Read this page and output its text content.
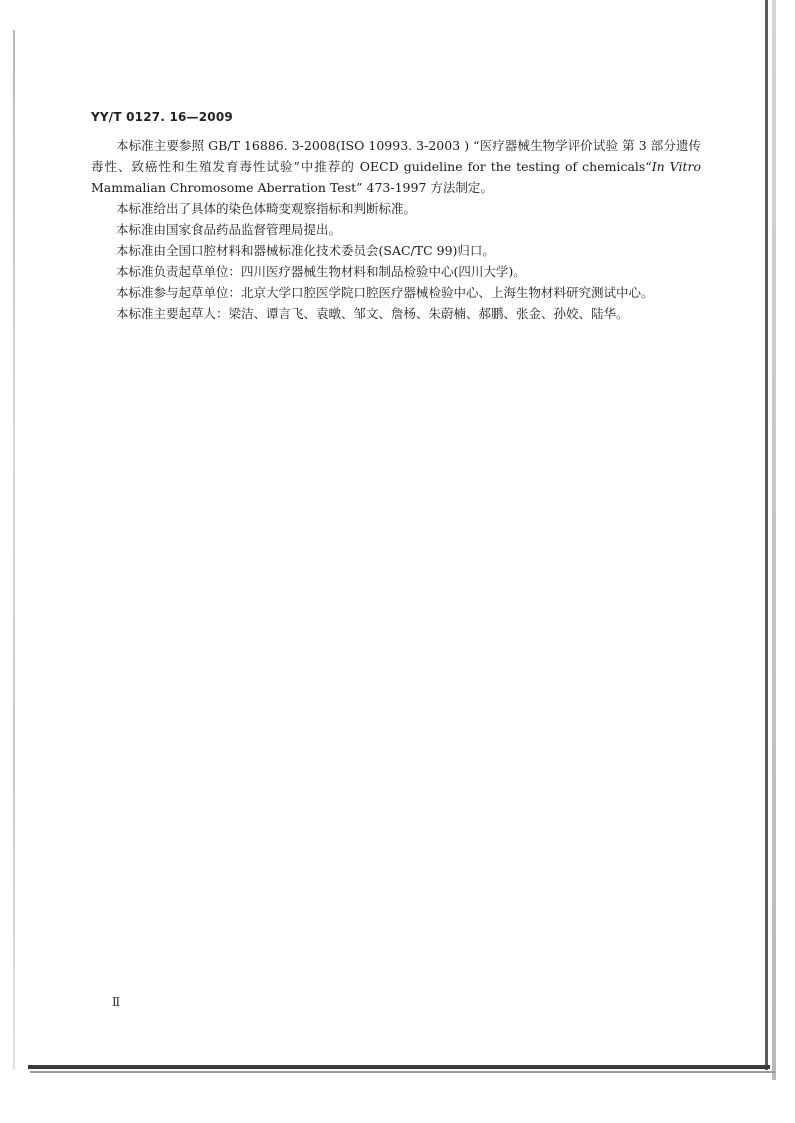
YY/T 0127. 16—2009

本标准主要参照 GB/T 16886. 3-2008(ISO 10993. 3-2003 ) “医疗器械生物学评价试验 第 3 部分遗传毒性、致癌性和生殖发育毒性试验”中推荐的 OECD guideline for the testing of chemicals“In Vitro Mammalian Chromosome Aberration Test” 473-1997 方法制定。

本标准给出了具体的染色体畸变观察指标和判断标准。

本标准由国家食品药品监督管理局提出。

本标准由全国口腔材料和器械标准化技术委员会(SAC/TC 99)归口。

本标准负责起草单位：四川医疗器械生物材料和制品检验中心(四川大学)。

本标准参与起草单位：北京大学口腔医学院口腔医疗器械检验中心、上海生物材料研究测试中心。

本标准主要起草人：梁洁、谭言飞、袁暾、邹文、詹杨、朱蔚楠、郝鹏、张金、孙姣、陆华。

Ⅱ
